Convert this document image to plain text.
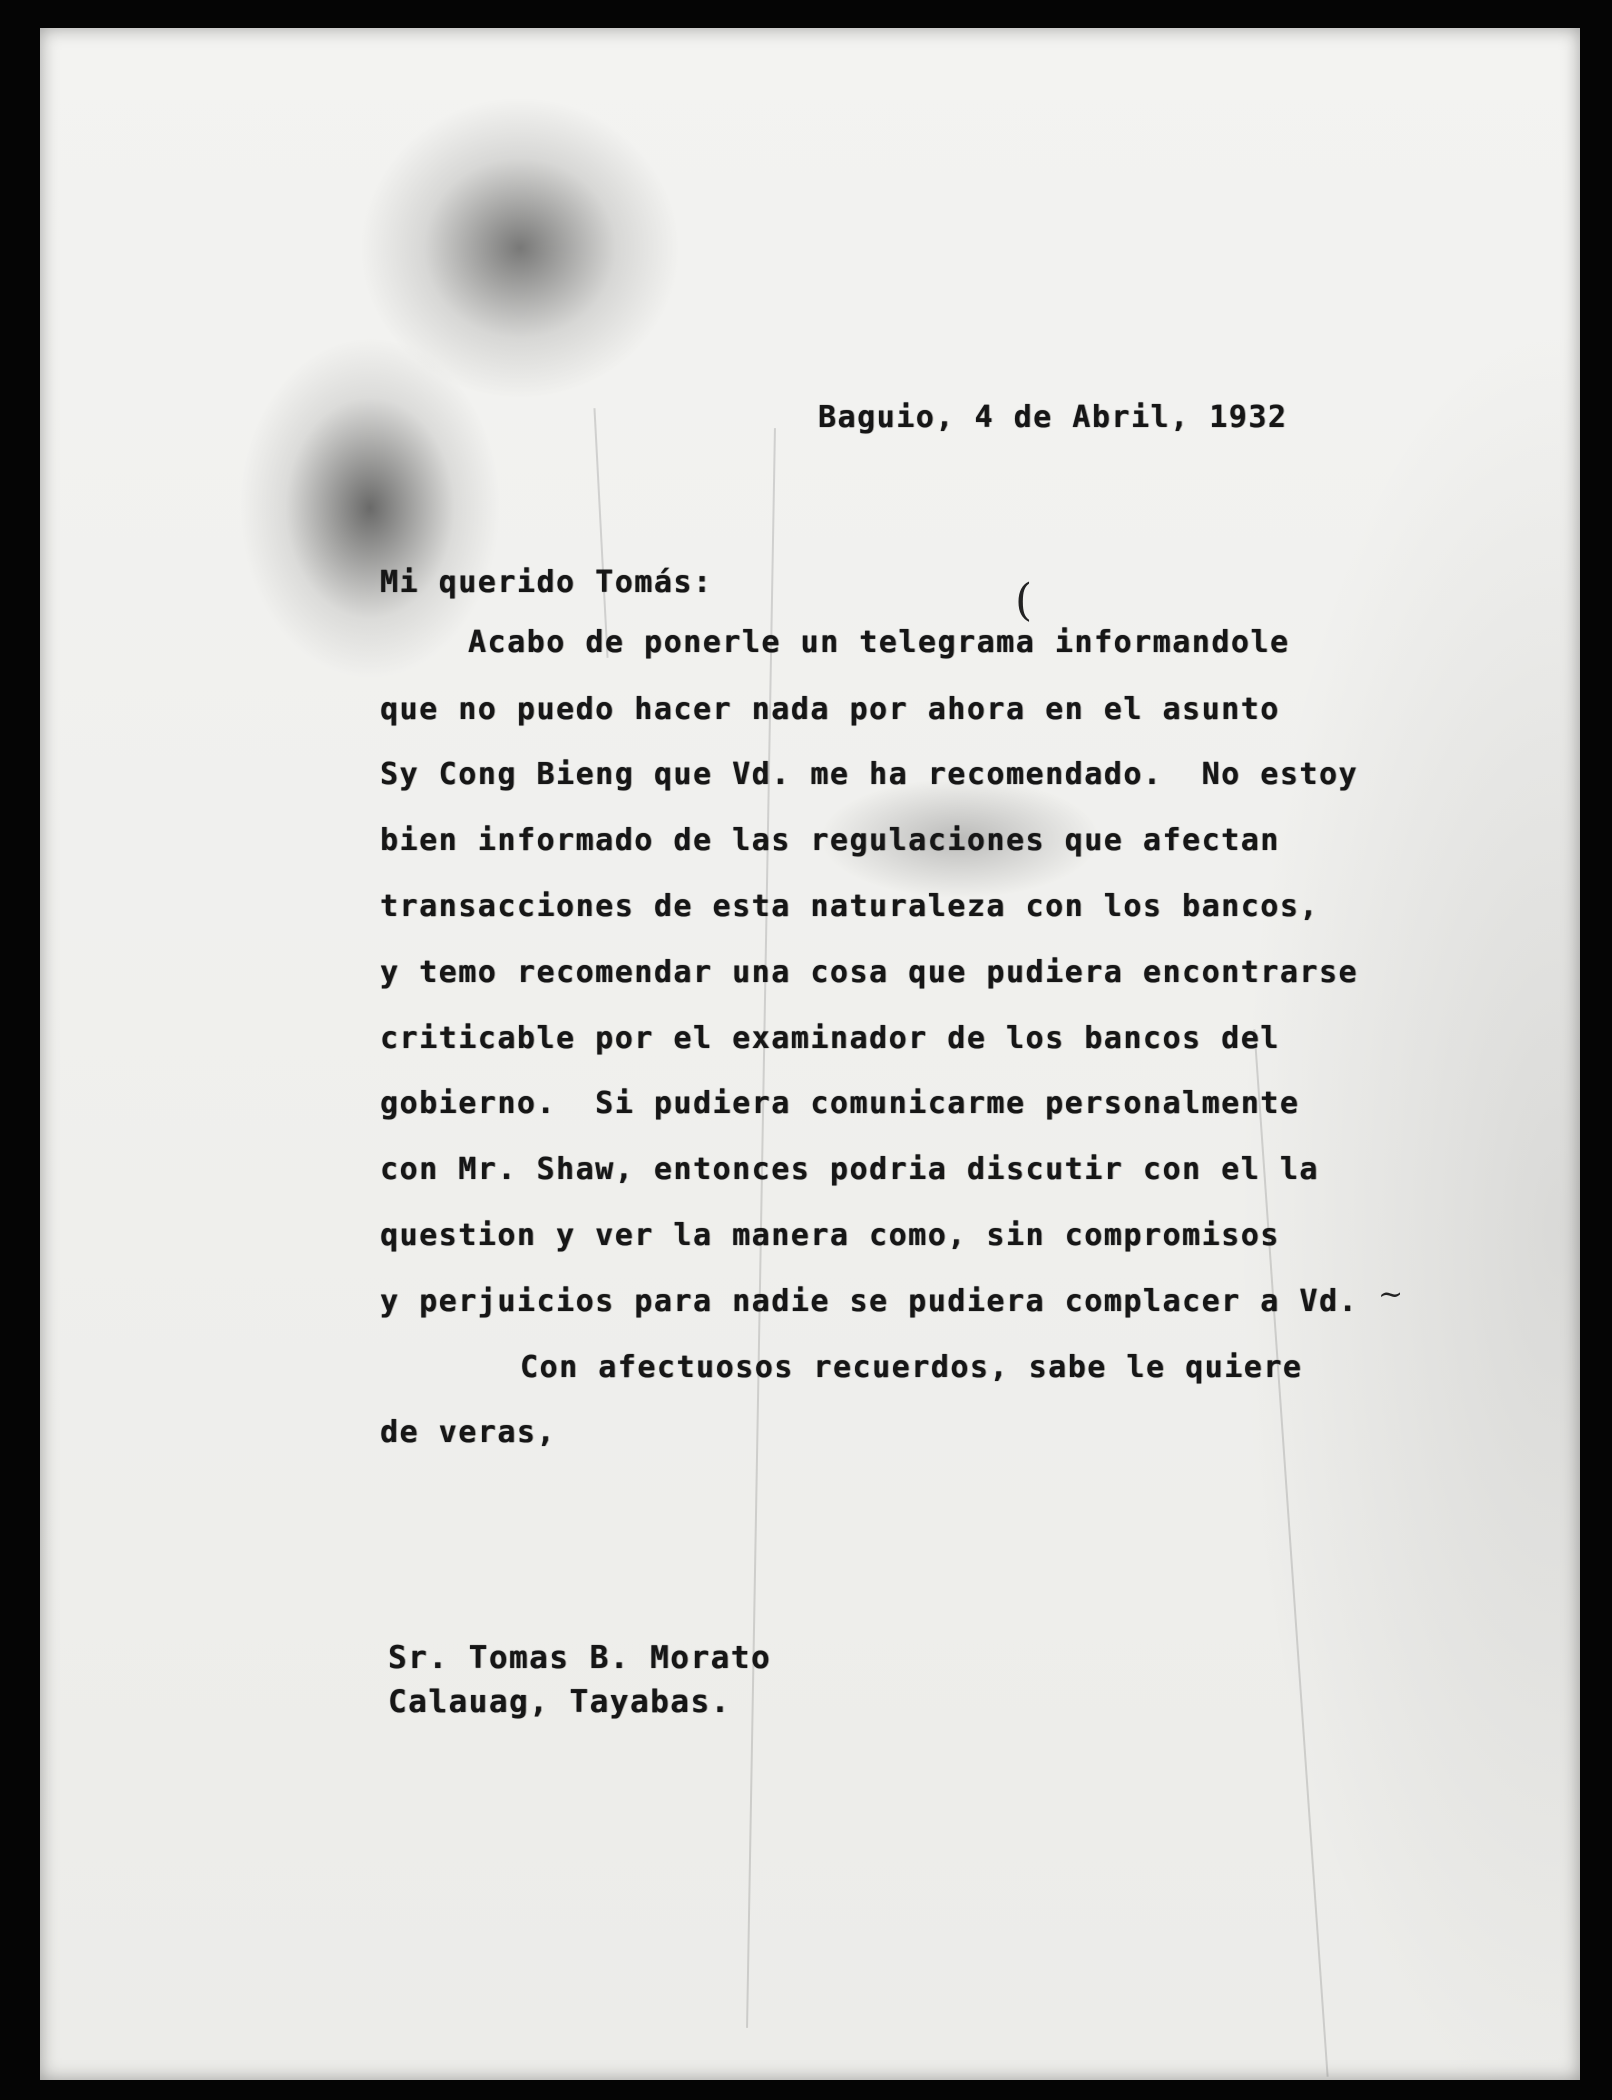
Baguio, 4 de Abril, 1932
Mi querido Tomás:
Acabo de ponerle un telegrama informandole
que no puedo hacer nada por ahora en el asunto
Sy Cong Bieng que Vd. me ha recomendado.  No estoy
bien informado de las regulaciones que afectan
transacciones de esta naturaleza con los bancos,
y temo recomendar una cosa que pudiera encontrarse
criticable por el examinador de los bancos del
gobierno.  Si pudiera comunicarme personalmente
con Mr. Shaw, entonces podria discutir con el la
question y ver la manera como, sin compromisos
y perjuicios para nadie se pudiera complacer a Vd.
Con afectuosos recuerdos, sabe le quiere
de veras,
Sr. Tomas B. Morato
Calauag, Tayabas.
(
~
